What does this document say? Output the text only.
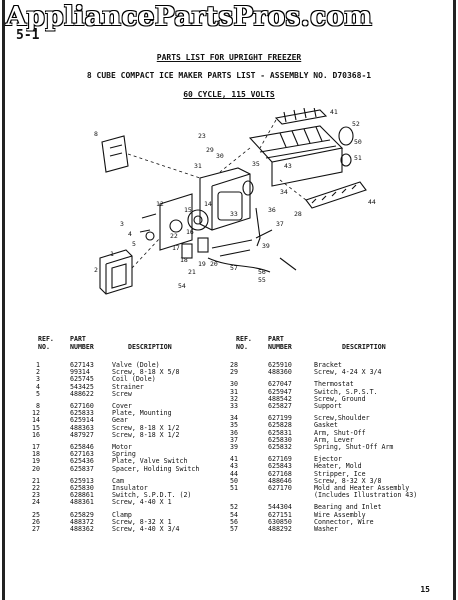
AppliancePartsPros.com
5-1
PARTS LIST FOR UPRIGHT FREEZER
8 CUBE COMPACT ICE MAKER PARTS LIST - ASSEMBLY NO. D70368-1
60 CYCLE, 115 VOLTS
41
52
50
51
44
29
30
31
28
36
39
37
57	56
55
12	14
15
16
17
18 19 20
21
22
3
4
5
8
1
2
34
33
35
23
54
43
REF.
NO.
PART
NUMBER	DESCRIPTION
REF.
NO.
PART
NUMBER	DESCRIPTION
1	627143	Valve (Dole)
2	99314	Screw, 8-18 X 5/8
3	625745	Coil (Dole)
4	543425	Strainer
5	488622	Screw
8	627160	Cover
12	625833	Plate, Mounting
14	625914	Gear
15	488363	Screw, 8-18 X 1/2
16	487927	Screw, 8-18 X 1/2
17	625846	Motor
18	627163	Spring
19	625436	Plate, Valve Switch
20	625837	Spacer, Holding Switch
21	625913	Cam
22	625830	Insulator
23	628861	Switch, S.P.D.T. (2)
24	488361	Screw, 4-40 X 1
25	625829	Clamp
26	488372	Screw, 8-32 X 1
27	488362	Screw, 4-40 X 3/4
28	625910	Bracket
29	488360	Screw, 4-24 X 3/4
30	627047	Thermostat
31	625947	Switch, S.P.S.T.
32	488542	Screw, Ground
33	625827	Support
34	627199	Screw,Shoulder
35	625828	Gasket
36	625831	Arm, Shut-Off
37	625830	Arm, Lever
39	625832	Spring, Shut-Off Arm
41	627169	Ejector
43	625843	Heater, Mold
44	627168	Stripper, Ice
50	488646	Screw, 8-32 X 3/8
51	627170	Mold and Heater Assembly
(Includes Illustration 43)
52	544304	Bearing and Inlet
54	627151	Wire Assembly
56	630850	Connector, Wire
57	488292	Washer
15
